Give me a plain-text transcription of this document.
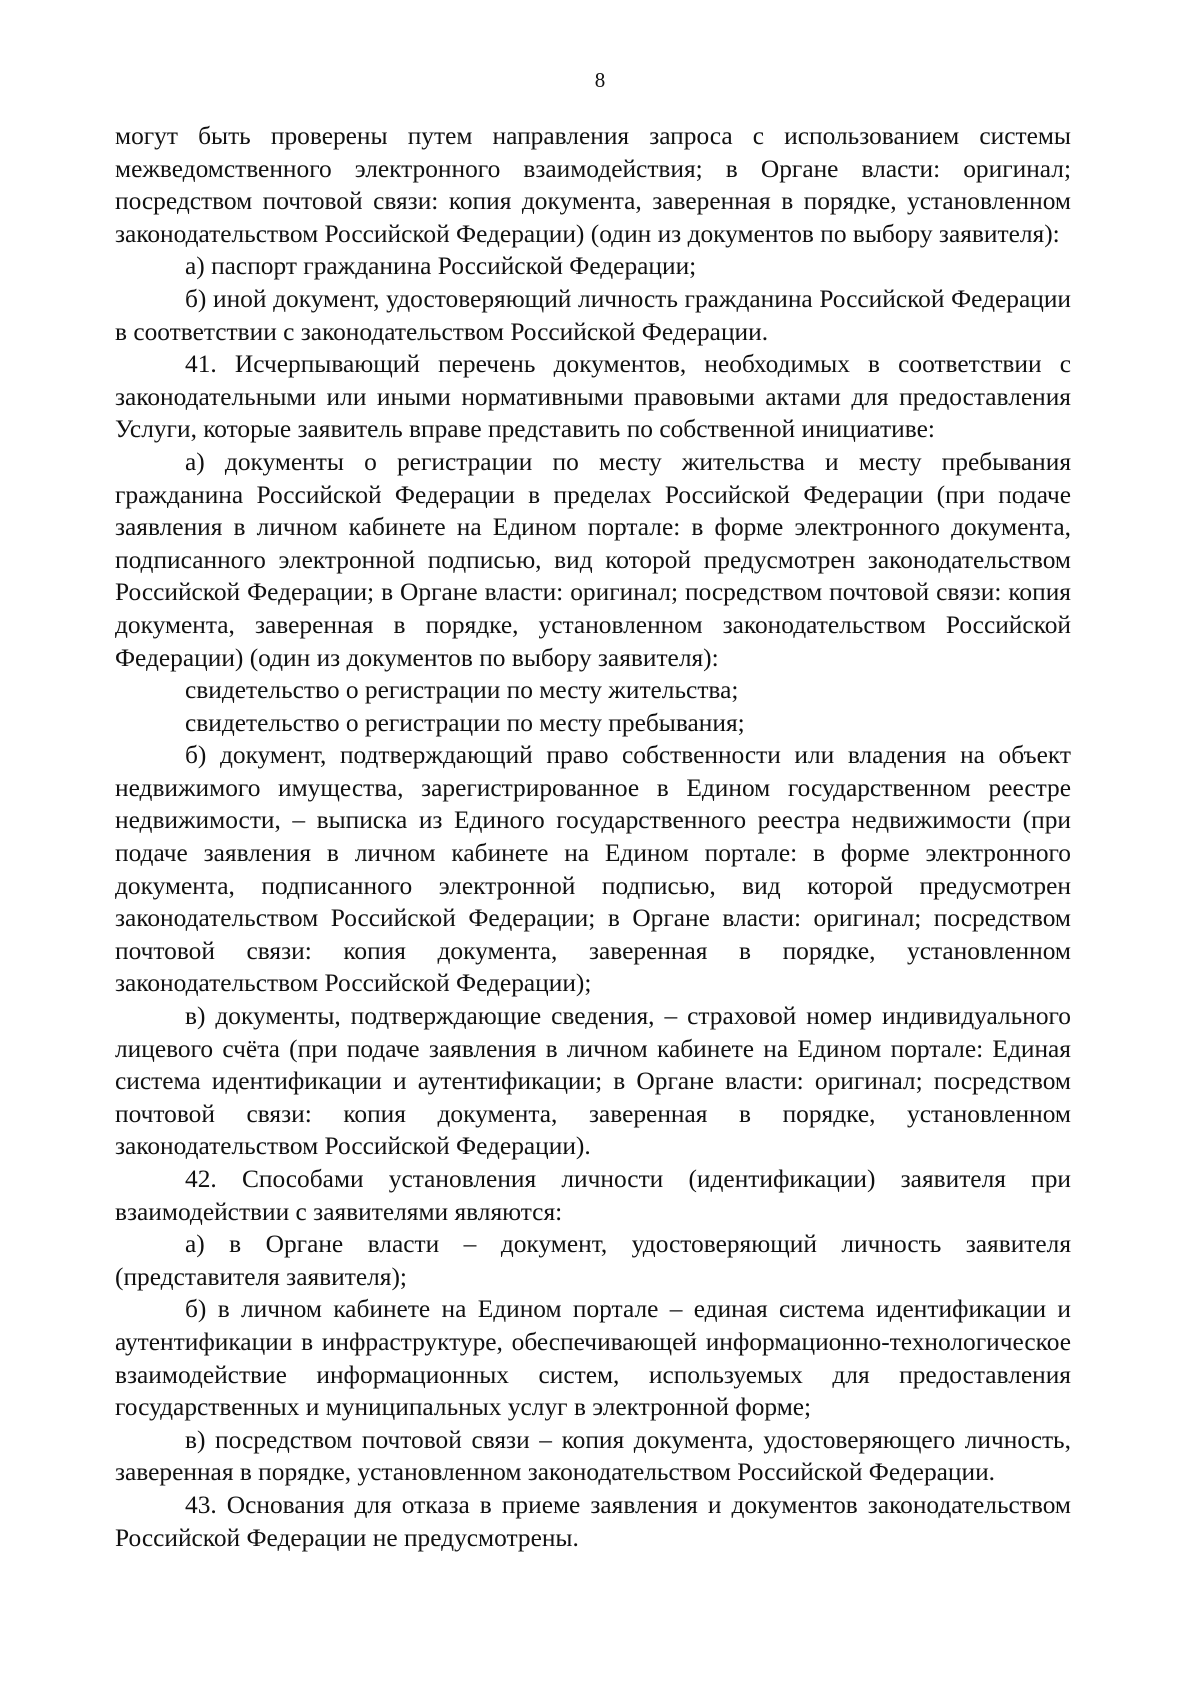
8

могут быть проверены путем направления запроса с использованием системы межведомственного электронного взаимодействия; в Органе власти: оригинал; посредством почтовой связи: копия документа, заверенная в порядке, установленном законодательством Российской Федерации) (один из документов по выбору заявителя):

а) паспорт гражданина Российской Федерации;

б) иной документ, удостоверяющий личность гражданина Российской Федерации в соответствии с законодательством Российской Федерации.

41. Исчерпывающий перечень документов, необходимых в соответствии с законодательными или иными нормативными правовыми актами для предоставления Услуги, которые заявитель вправе представить по собственной инициативе:

а) документы о регистрации по месту жительства и месту пребывания гражданина Российской Федерации в пределах Российской Федерации (при подаче заявления в личном кабинете на Едином портале: в форме электронного документа, подписанного электронной подписью, вид которой предусмотрен законодательством Российской Федерации; в Органе власти: оригинал; посредством почтовой связи: копия документа, заверенная в порядке, установленном законодательством Российской Федерации) (один из документов по выбору заявителя):

свидетельство о регистрации по месту жительства;

свидетельство о регистрации по месту пребывания;

б) документ, подтверждающий право собственности или владения на объект недвижимого имущества, зарегистрированное в Едином государственном реестре недвижимости, – выписка из Единого государственного реестра недвижимости (при подаче заявления в личном кабинете на Едином портале: в форме электронного документа, подписанного электронной подписью, вид которой предусмотрен законодательством Российской Федерации; в Органе власти: оригинал; посредством почтовой связи: копия документа, заверенная в порядке, установленном законодательством Российской Федерации);

в) документы, подтверждающие сведения, – страховой номер индивидуального лицевого счёта (при подаче заявления в личном кабинете на Едином портале: Единая система идентификации и аутентификации; в Органе власти: оригинал; посредством почтовой связи: копия документа, заверенная в порядке, установленном законодательством Российской Федерации).

42. Способами установления личности (идентификации) заявителя при взаимодействии с заявителями являются:

а) в Органе власти – документ, удостоверяющий личность заявителя (представителя заявителя);

б) в личном кабинете на Едином портале – единая система идентификации и аутентификации в инфраструктуре, обеспечивающей информационно-технологическое взаимодействие информационных систем, используемых для предоставления государственных и муниципальных услуг в электронной форме;

в) посредством почтовой связи – копия документа, удостоверяющего личность, заверенная в порядке, установленном законодательством Российской Федерации.

43. Основания для отказа в приеме заявления и документов законодательством Российской Федерации не предусмотрены.
